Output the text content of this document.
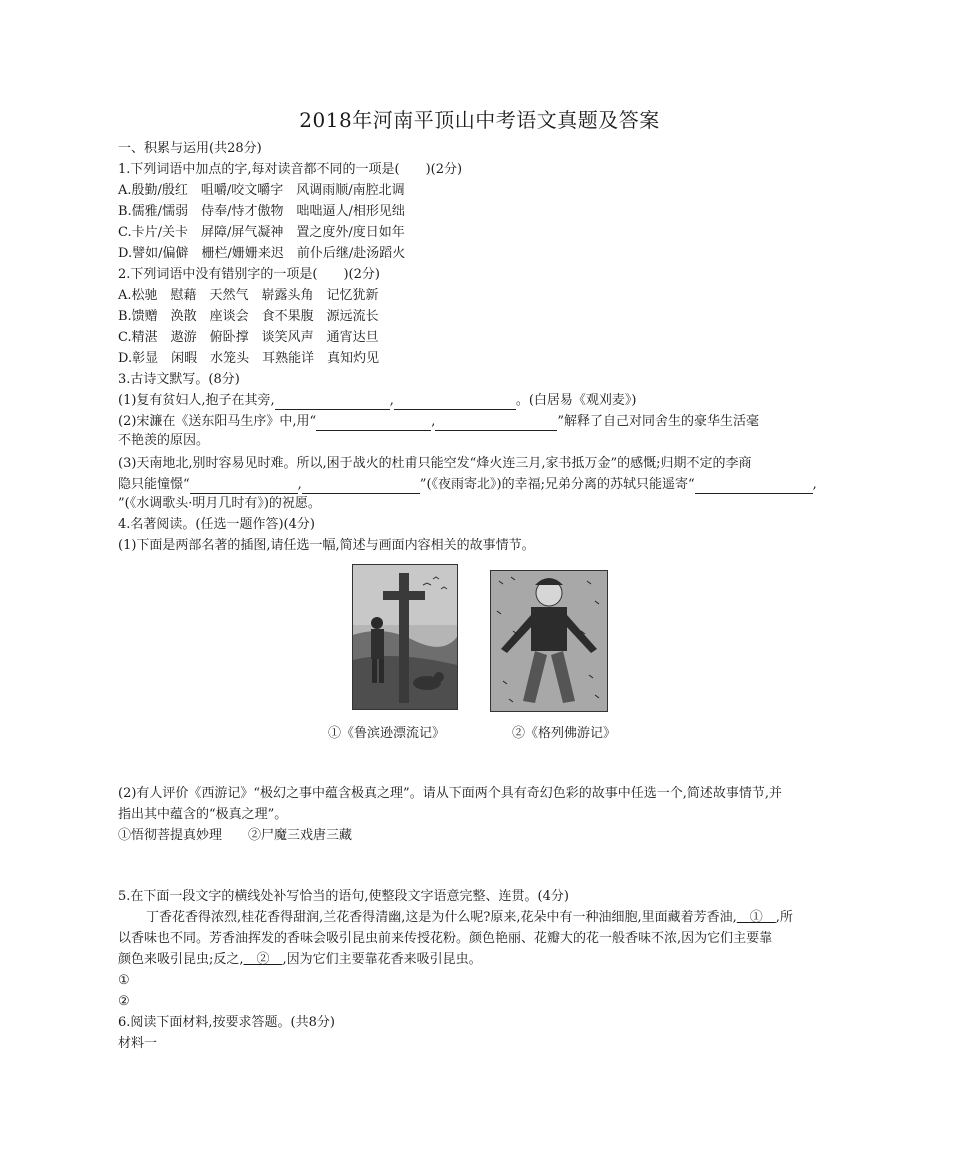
2018年河南平顶山中考语文真题及答案
一、积累与运用(共28分)
1.下列词语中加点的字,每对读音都不同的一项是(　　)(2分)
A.殷勤/殷红　咀嚼/咬文嚼字　风调雨顺/南腔北调
B.儒雅/懦弱　侍奉/恃才傲物　咄咄逼人/相形见绌
C.卡片/关卡　屏障/屏气凝神　置之度外/度日如年
D.譬如/偏僻　栅栏/姗姗来迟　前仆后继/赴汤蹈火
2.下列词语中没有错别字的一项是(　　)(2分)
A.松驰　慰藉　天然气　崭露头角　记忆犹新
B.馈赠　涣散　座谈会　食不果腹　源远流长
C.精湛　遨游　俯卧撑　谈笑风声　通宵达旦
D.彰显　闲暇　水笼头　耳熟能详　真知灼见
3.古诗文默写。(8分)
(1)复有贫妇人,抱子在其旁,	,	。(白居易《观刈麦》)
(2)宋濂在《送东阳马生序》中,用“	,	”解释了自己对同舍生的豪华生活毫
不艳羡的原因。
(3)天南地北,别时容易见时难。所以,困于战火的杜甫只能空发“烽火连三月,家书抵万金”的感慨;归期不定的李商
隐只能憧憬“	,	”(《夜雨寄北》)的幸福;兄弟分离的苏轼只能遥寄“	,
”(《水调歌头·明月几时有》)的祝愿。
4.名著阅读。(任选一题作答)(4分)
(1)下面是两部名著的插图,请任选一幅,简述与画面内容相关的故事情节。
①《鲁滨逊漂流记》	②《格列佛游记》
(2)有人评价《西游记》“极幻之事中蕴含极真之理”。请从下面两个具有奇幻色彩的故事中任选一个,简述故事情节,并
指出其中蕴含的“极真之理”。
①悟彻菩提真妙理　　②尸魔三戏唐三藏
5.在下面一段文字的横线处补写恰当的语句,使整段文字语意完整、连贯。(4分)
丁香花香得浓烈,桂花香得甜润,兰花香得清幽,这是为什么呢?原来,花朵中有一种油细胞,里面藏着芳香油,　①　,所
以香味也不同。芳香油挥发的香味会吸引昆虫前来传授花粉。颜色艳丽、花瓣大的花一般香味不浓,因为它们主要靠
颜色来吸引昆虫;反之,　②　,因为它们主要靠花香来吸引昆虫。
①
②
6.阅读下面材料,按要求答题。(共8分)
材料一
